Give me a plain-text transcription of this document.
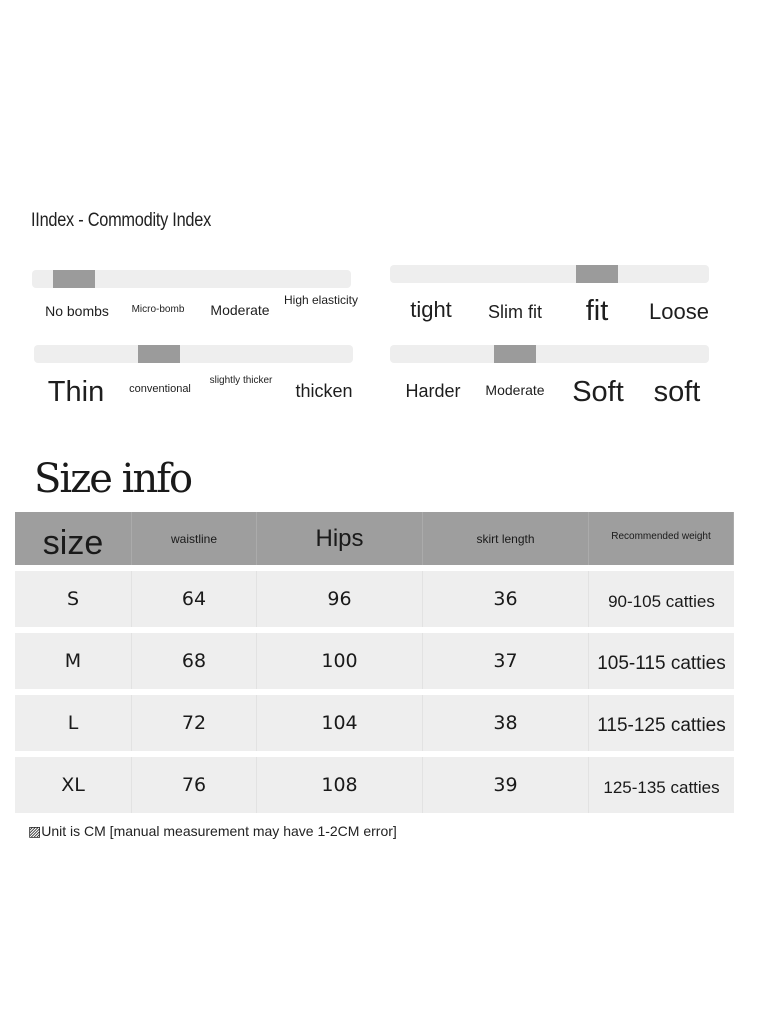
IIndex - Commodity Index
No bombs Micro-bomb Moderate
High elasticity tight Slim fit fit Loose
Thin conventional
slightly thicker
thicken	Harder Moderate Soft soft
Size info
size	waistline	Hips	skirt length	Recommended weight
S	64	96	36	90-105 catties
M	68	100	37	105-115 catties
L	72	104	38	115-125 catties
XL	76	108	39	125-135 catties
▨Unit is CM [manual measurement may have 1-2CM error]
